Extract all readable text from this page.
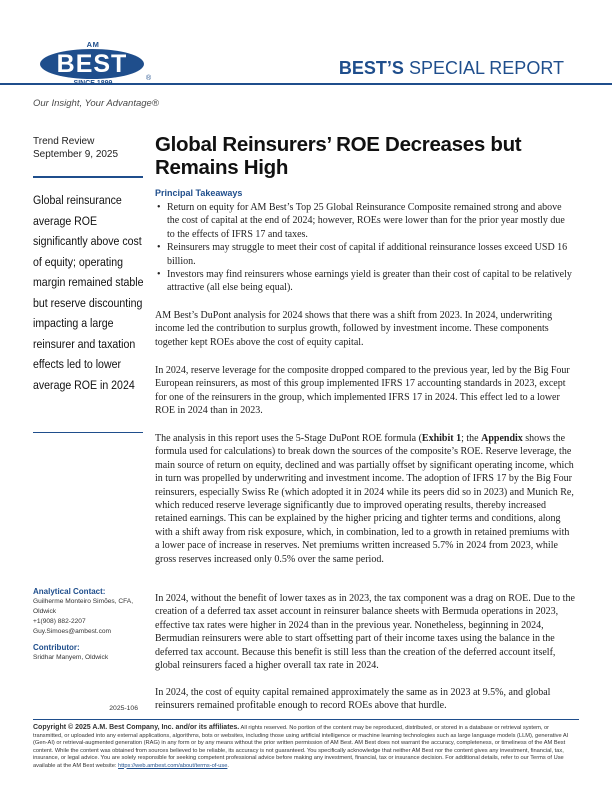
AM
BEST
®
BEST’S SPECIAL REPORT
Our Insight, Your Advantage®
Trend Review
September 9, 2025
Global reinsurance average ROE significantly above cost of equity; operating margin remained stable but reserve discounting impacting a large reinsurer and taxation effects led to lower average ROE in 2024
Analytical Contact:
Guilherme Monteiro Simões, CFA, Oldwick
+1(908) 882-2207
Guy.Simoes@ambest.com
Contributor:
Sridhar Manyem, Oldwick
2025-106
Global Reinsurers’ ROE Decreases but Remains High
Principal Takeaways
• Return on equity for AM Best’s Top 25 Global Reinsurance Composite remained strong and above the cost of capital at the end of 2024; however, ROEs were lower than for the prior year mostly due to the effects of IFRS 17 and taxes.
• Reinsurers may struggle to meet their cost of capital if additional reinsurance losses exceed USD 16 billion.
• Investors may find reinsurers whose earnings yield is greater than their cost of capital to be relatively attractive (all else being equal).

AM Best’s DuPont analysis for 2024 shows that there was a shift from 2023. In 2024, underwriting income led the contribution to surplus growth, followed by investment income. These components together kept ROEs above the cost of equity capital.

In 2024, reserve leverage for the composite dropped compared to the previous year, led by the Big Four European reinsurers, as most of this group implemented IFRS 17 accounting standards in 2023, except for one of the reinsurers in the group, which implemented IFRS 17 in 2024. This effect led to a lower ROE in 2024 than in 2023.

The analysis in this report uses the 5-Stage DuPont ROE formula (Exhibit 1; the Appendix shows the formula used for calculations) to break down the sources of the composite’s ROE. Reserve leverage, the main source of return on equity, declined and was partially offset by significant operating income, which in turn was propelled by underwriting and investment income. The adoption of IFRS 17 by the Big Four reinsurers, especially Swiss Re (which adopted it in 2024 while its peers did so in 2023) and Munich Re, which reduced reserve leverage significantly due to improved operating results, thereby increased retained earnings. This can be explained by the higher pricing and tighter terms and conditions, along with a shift away from risk exposure, which, in combination, led to a growth in retained premiums with a lower pace of increase in reserves. Net premiums written increased 5.7% in 2024 from 2023, while gross reserves increased only 0.5% over the same period.

In 2024, without the benefit of lower taxes as in 2023, the tax component was a drag on ROE. Due to the creation of a deferred tax asset account in reinsurer balance sheets with Bermuda operations in 2023, effective tax rates were higher in 2024 than in the previous year. Nonetheless, beginning in 2024, Bermudian reinsurers were able to start offsetting part of their income taxes using the balance in the deferred tax account. Because this benefit is still less than the creation of the deferred account itself, global reinsurers faced a higher overall tax rate in 2024.

In 2024, the cost of equity capital remained approximately the same as in 2023 at 9.5%, and global reinsurers remained profitable enough to record ROEs above that hurdle.

Copyright © 2025 A.M. Best Company, Inc. and/or its affiliates. All rights reserved. No portion of the content may be reproduced, distributed, or stored in a database or retrieval system, or transmitted, or uploaded into any external applications, algorithms, bots or websites, including those using artificial intelligence or machine learning technologies such as large language models (LLM), generative AI (Gen-AI) or retrieval-augmented generation (RAG) in any form or by any means without the prior written permission of AM Best. AM Best does not warrant the accuracy, completeness, or timeliness of the AM Best content. While the content was obtained from sources believed to be reliable, its accuracy is not guaranteed. You specifically acknowledge that neither AM Best nor the content gives any investment, financial, tax, insurance, or legal advice. You are solely responsible for seeking competent professional advice before making any investment, financial, tax or insurance decision. For additional details, refer to our Terms of Use available at the AM Best website: https://web.ambest.com/about/terms-of-use.
